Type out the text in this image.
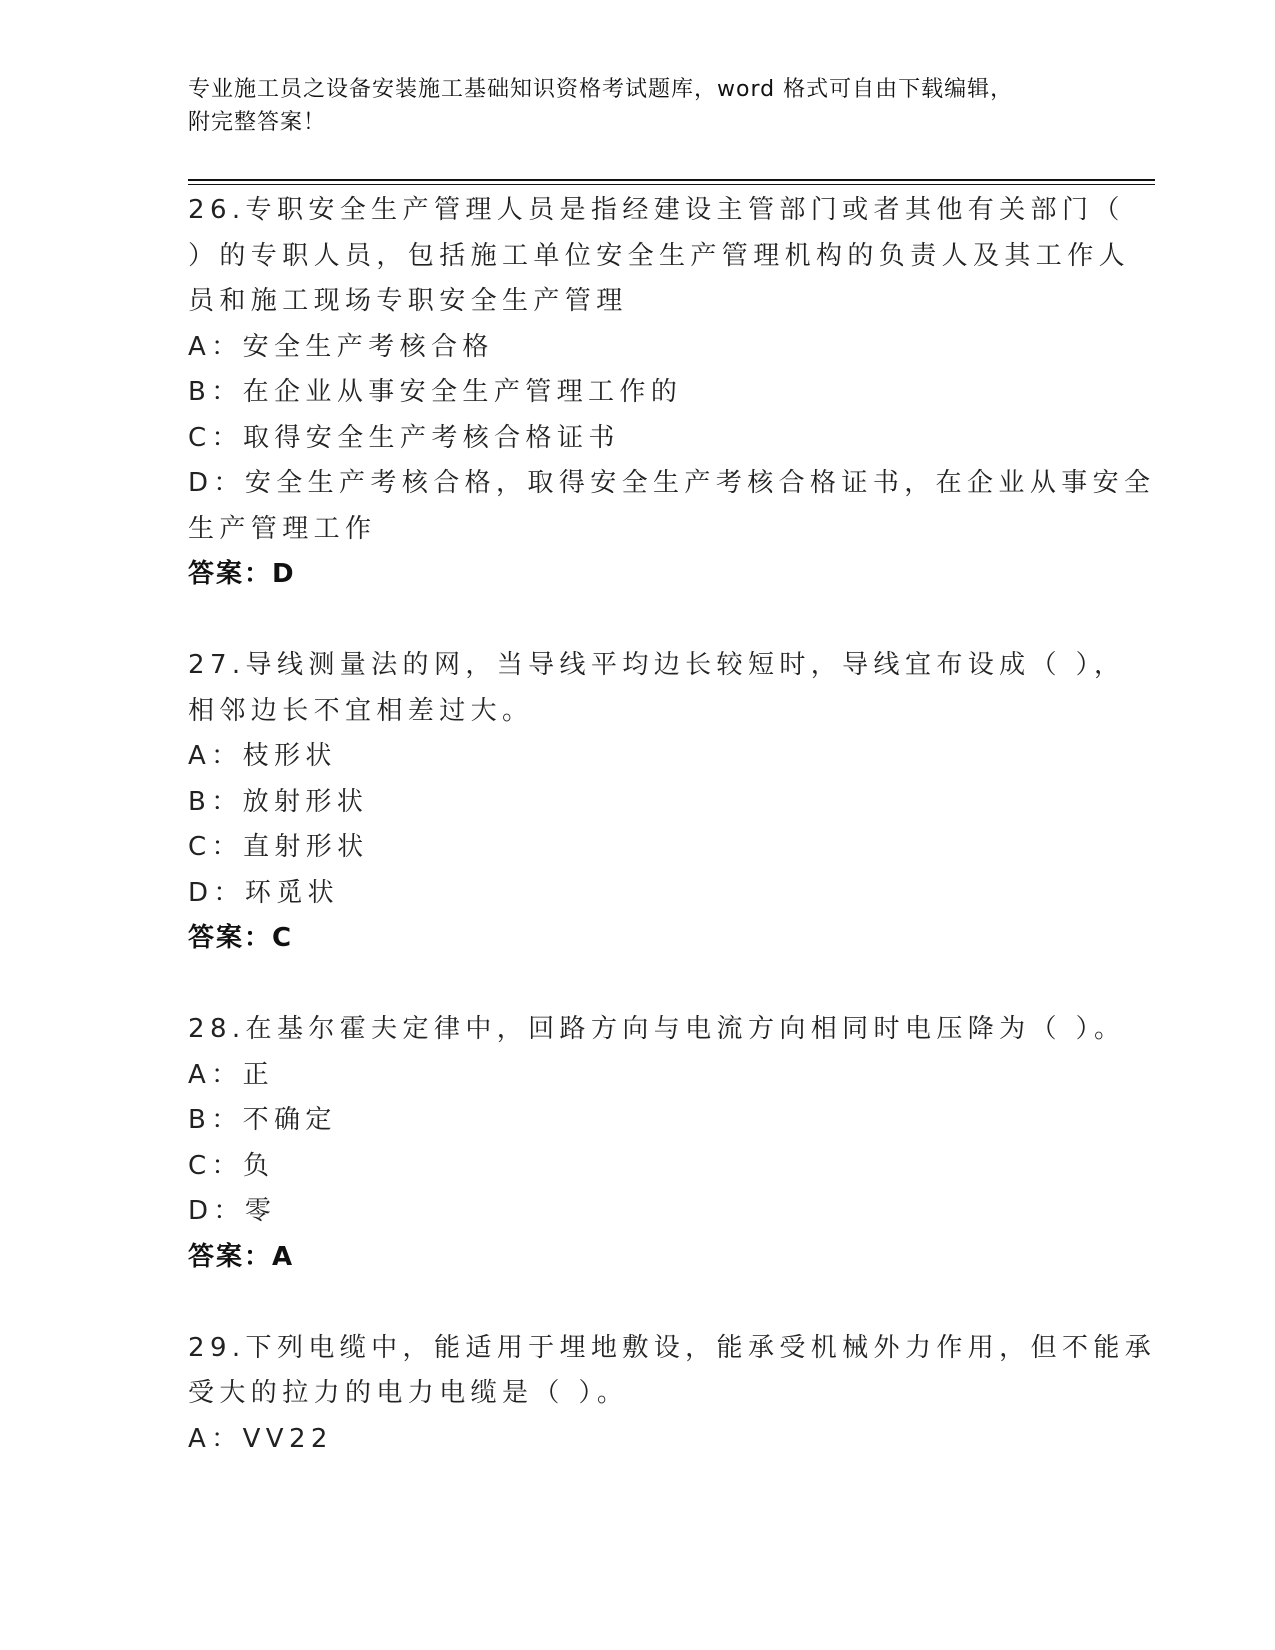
专业施工员之设备安装施工基础知识资格考试题库，word 格式可自由下载编辑，
附完整答案！
26.专职安全生产管理人员是指经建设主管部门或者其他有关部门（
）的专职人员，包括施工单位安全生产管理机构的负责人及其工作人
员和施工现场专职安全生产管理
A：安全生产考核合格
B：在企业从事安全生产管理工作的
C：取得安全生产考核合格证书
D：安全生产考核合格，取得安全生产考核合格证书，在企业从事安全
生产管理工作
答案：D
27.导线测量法的网，当导线平均边长较短时，导线宜布设成（ ），
相邻边长不宜相差过大。
A：枝形状
B：放射形状
C：直射形状
D：环觅状
答案：C
28.在基尔霍夫定律中，回路方向与电流方向相同时电压降为（ ）。
A：正
B：不确定
C：负
D：零
答案：A
29.下列电缆中，能适用于埋地敷设，能承受机械外力作用，但不能承
受大的拉力的电力电缆是（ ）。
A：VV22
